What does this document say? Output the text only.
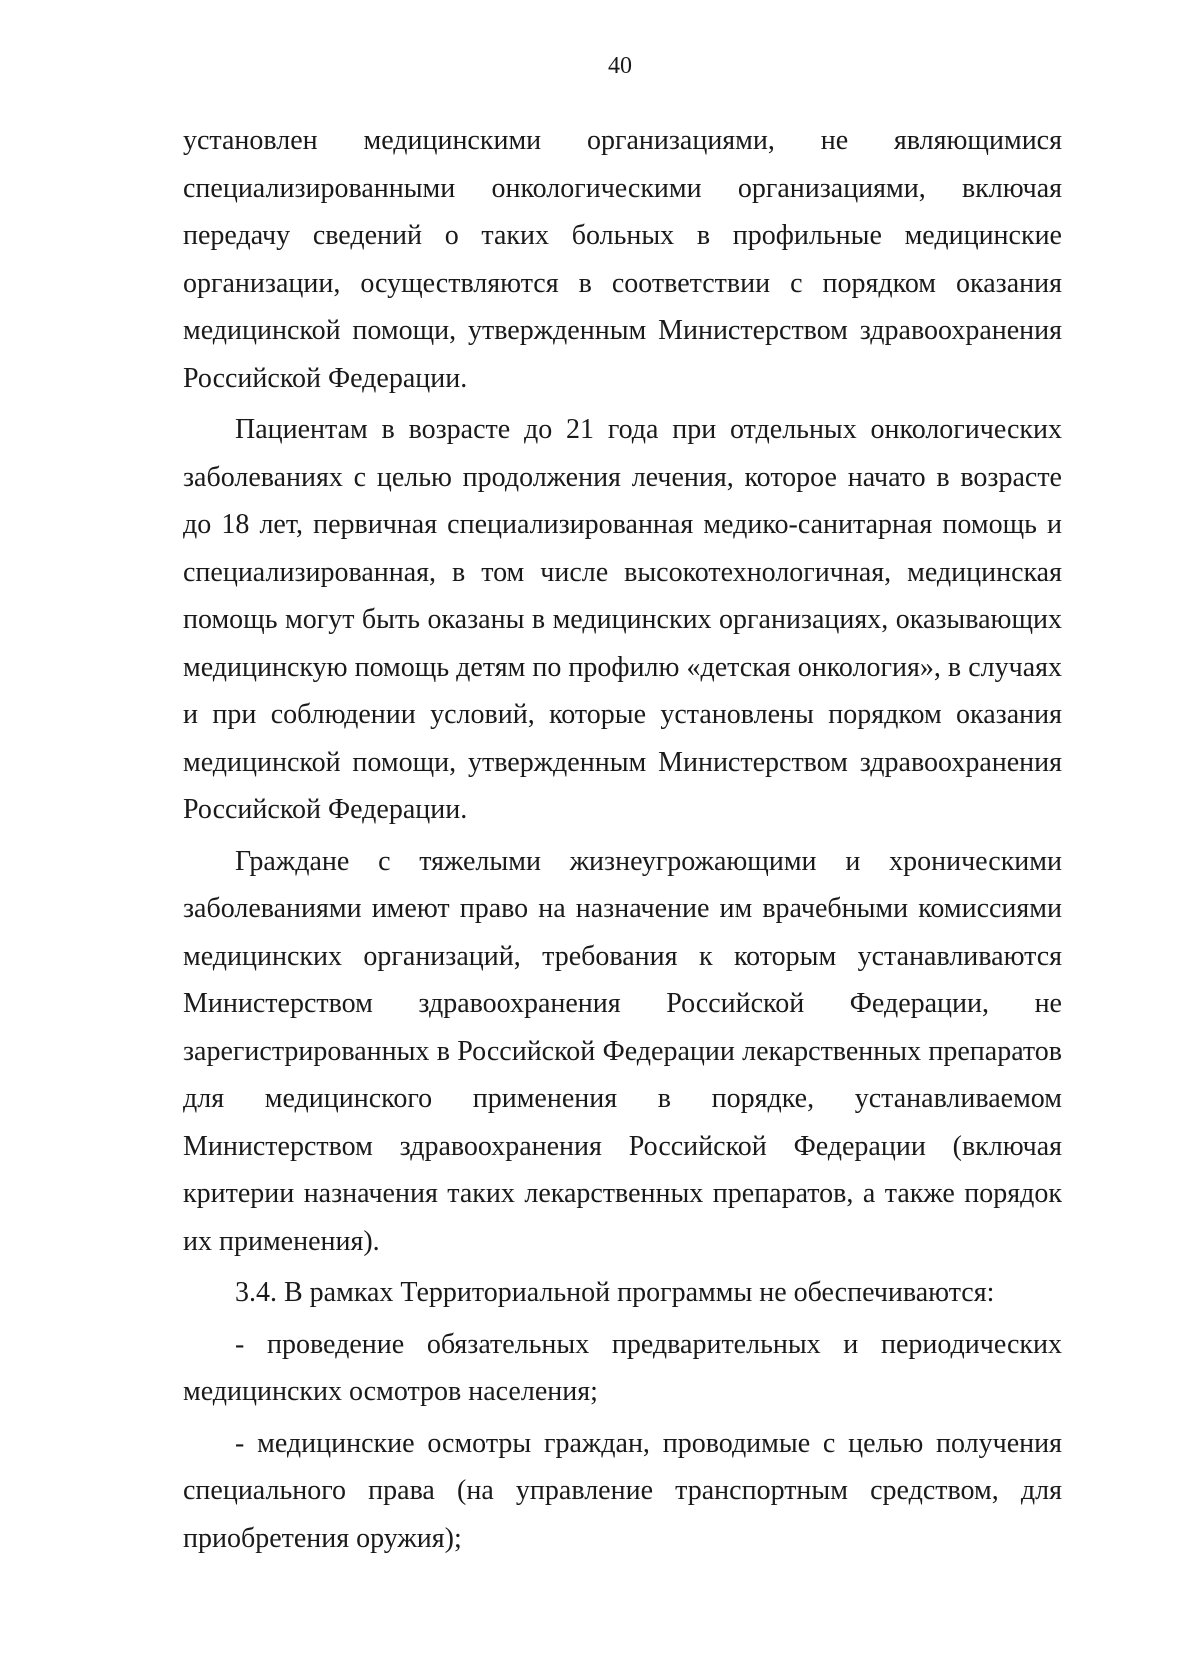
40

установлен медицинскими организациями, не являющимися специализированными онкологическими организациями, включая передачу сведений о таких больных в профильные медицинские организации, осуществляются в соответствии с порядком оказания медицинской помощи, утвержденным Министерством здравоохранения Российской Федерации.

Пациентам в возрасте до 21 года при отдельных онкологических заболеваниях с целью продолжения лечения, которое начато в возрасте до 18 лет, первичная специализированная медико-санитарная помощь и специализированная, в том числе высокотехнологичная, медицинская помощь могут быть оказаны в медицинских организациях, оказывающих медицинскую помощь детям по профилю «детская онкология», в случаях и при соблюдении условий, которые установлены порядком оказания медицинской помощи, утвержденным Министерством здравоохранения Российской Федерации.

Граждане с тяжелыми жизнеугрожающими и хроническими заболеваниями имеют право на назначение им врачебными комиссиями медицинских организаций, требования к которым устанавливаются Министерством здравоохранения Российской Федерации, не зарегистрированных в Российской Федерации лекарственных препаратов для медицинского применения в порядке, устанавливаемом Министерством здравоохранения Российской Федерации (включая критерии назначения таких лекарственных препаратов, а также порядок их применения).

3.4. В рамках Территориальной программы не обеспечиваются:

- проведение обязательных предварительных и периодических медицинских осмотров населения;

- медицинские осмотры граждан, проводимые с целью получения специального права (на управление транспортным средством, для приобретения оружия);
